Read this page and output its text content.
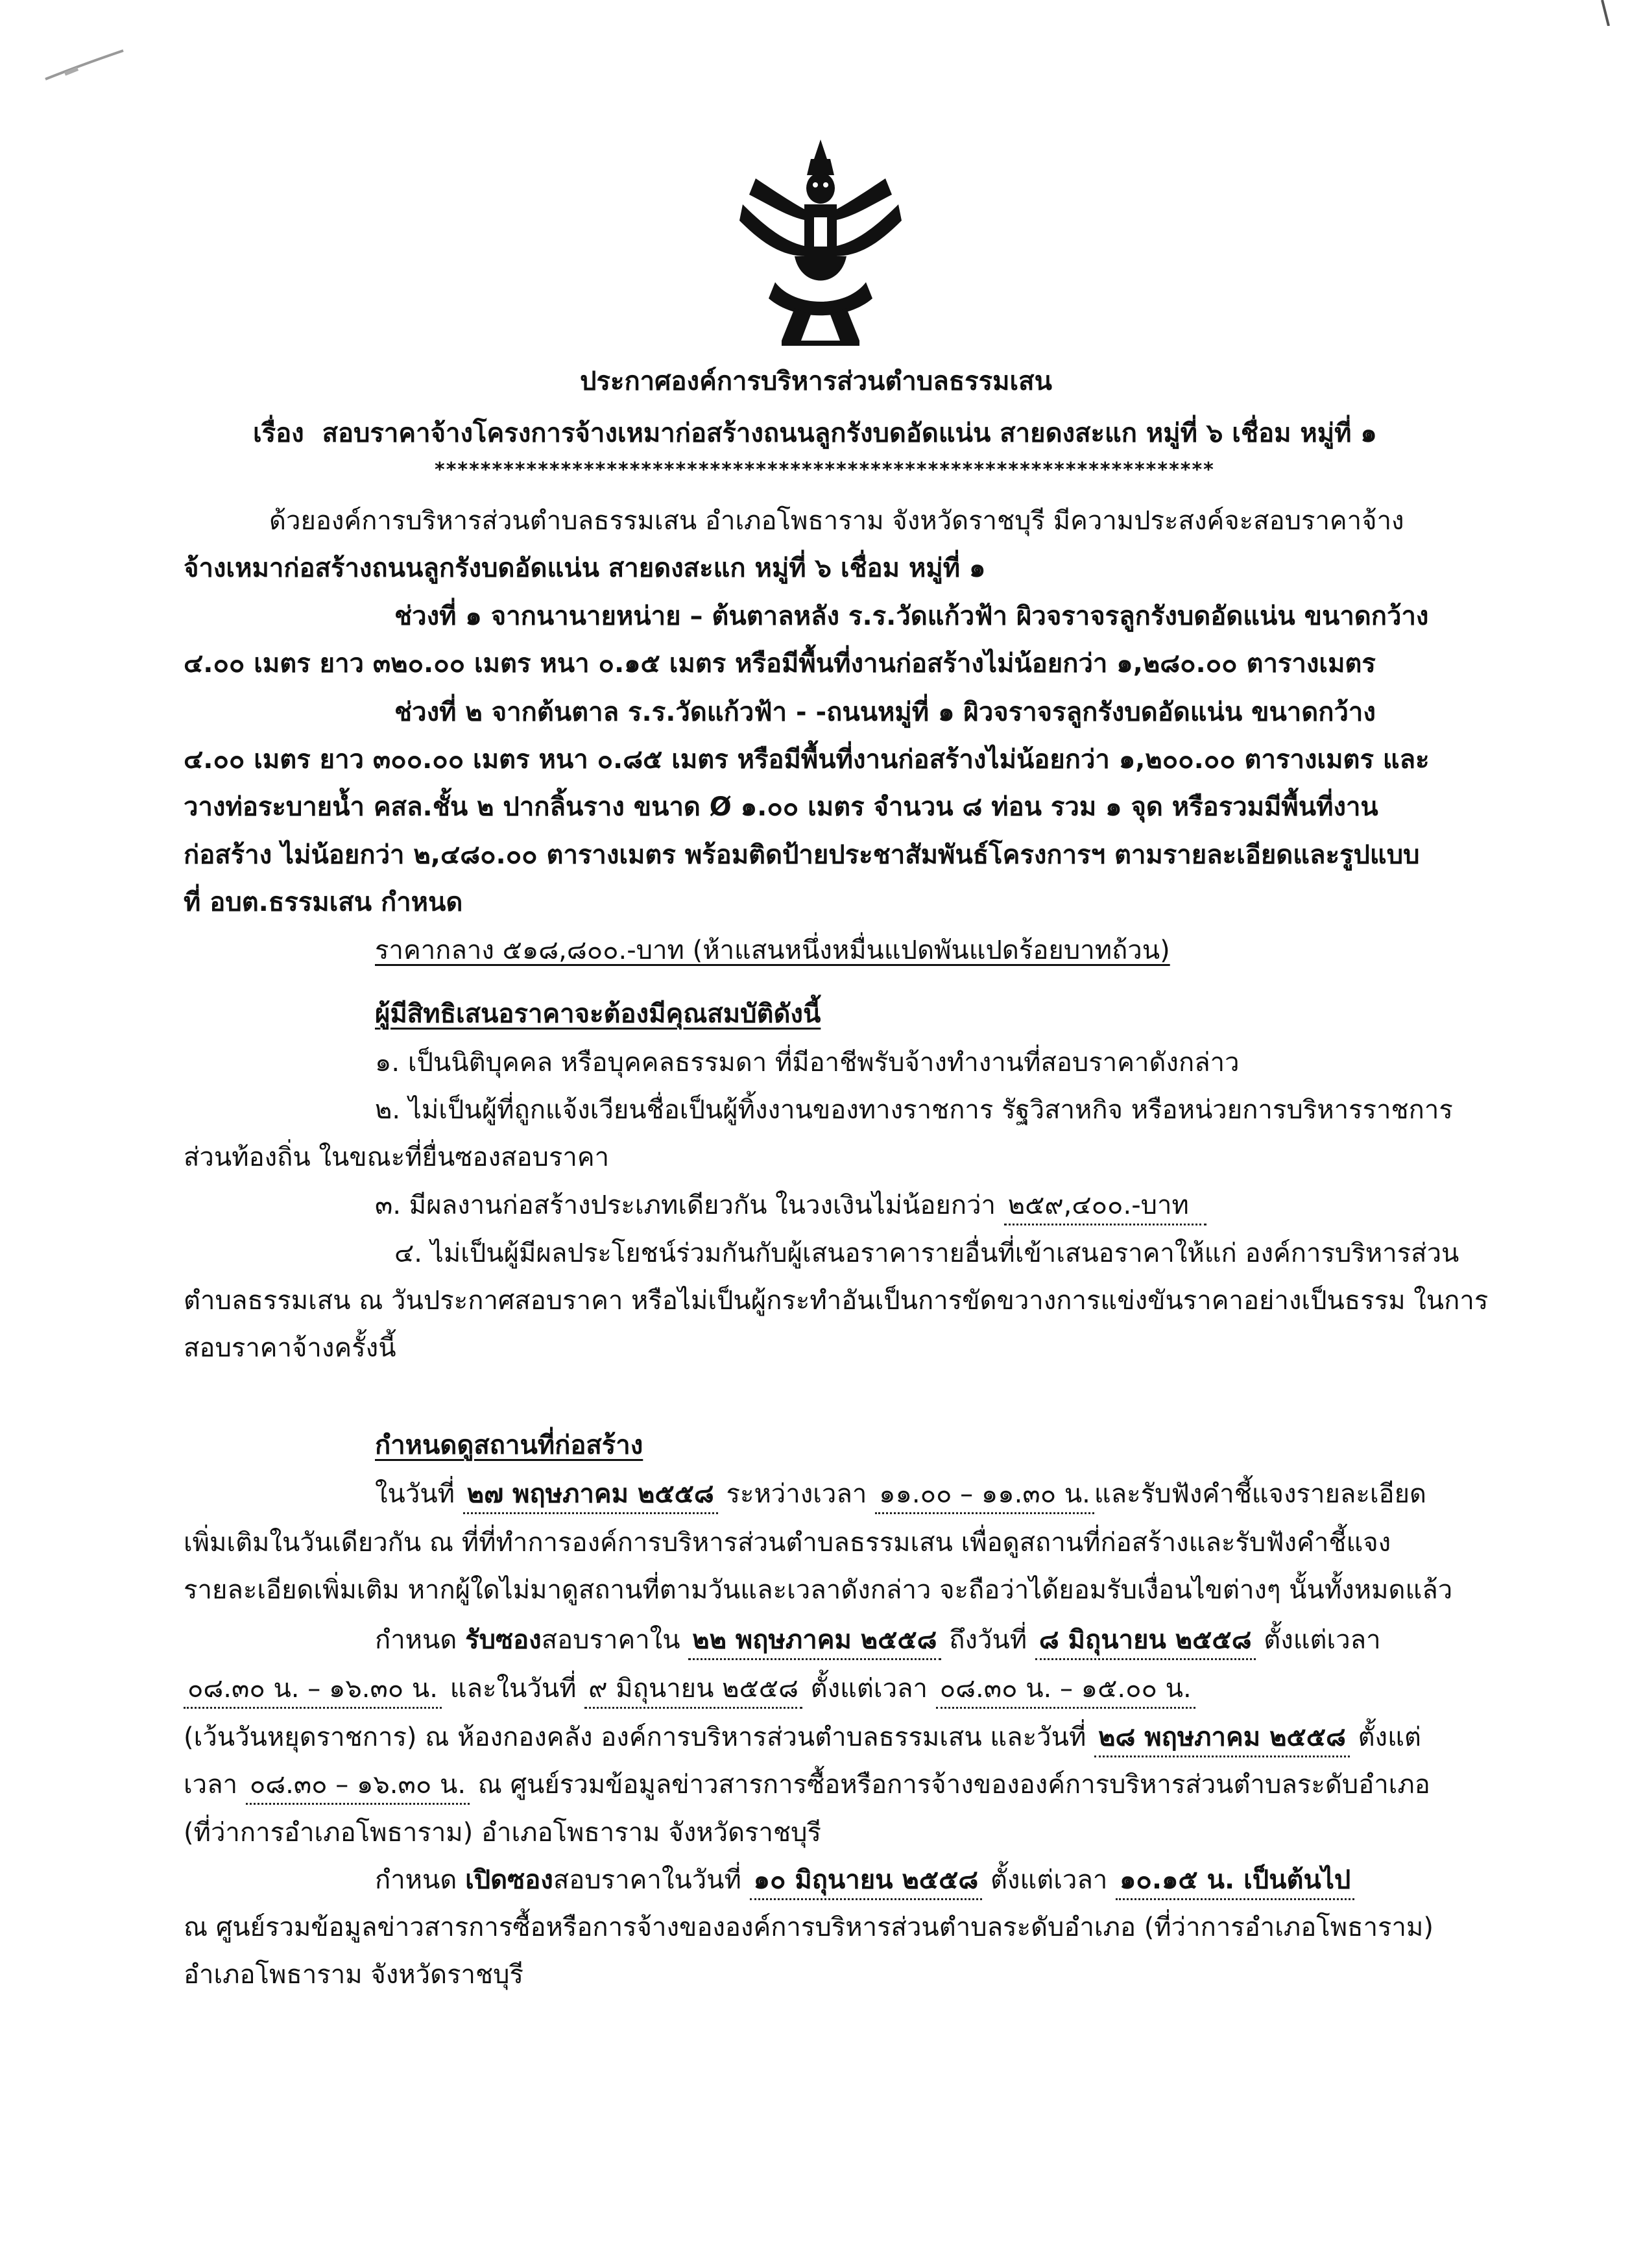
ประกาศองค์การบริหารส่วนตำบลธรรมเสน
เรื่อง สอบราคาจ้างโครงการจ้างเหมาก่อสร้างถนนลูกรังบดอัดแน่น สายดงสะแก หมู่ที่ ๖ เชื่อม หมู่ที่ ๑
********************************************************************
ด้วยองค์การบริหารส่วนตำบลธรรมเสน อำเภอโพธาราม จังหวัดราชบุรี มีความประสงค์จะสอบราคาจ้าง
จ้างเหมาก่อสร้างถนนลูกรังบดอัดแน่น สายดงสะแก หมู่ที่ ๖ เชื่อม หมู่ที่ ๑
ช่วงที่ ๑ จากนานายหน่าย – ต้นตาลหลัง ร.ร.วัดแก้วฟ้า ผิวจราจรลูกรังบดอัดแน่น ขนาดกว้าง
๔.๐๐ เมตร ยาว ๓๒๐.๐๐ เมตร หนา ๐.๑๕ เมตร หรือมีพื้นที่งานก่อสร้างไม่น้อยกว่า ๑,๒๘๐.๐๐ ตารางเมตร
ช่วงที่ ๒ จากต้นตาล ร.ร.วัดแก้วฟ้า - -ถนนหมู่ที่ ๑ ผิวจราจรลูกรังบดอัดแน่น ขนาดกว้าง
๔.๐๐ เมตร ยาว ๓๐๐.๐๐ เมตร หนา ๐.๘๕ เมตร หรือมีพื้นที่งานก่อสร้างไม่น้อยกว่า ๑,๒๐๐.๐๐ ตารางเมตร และ
วางท่อระบายน้ำ คสล.ชั้น ๒ ปากลิ้นราง ขนาด Ø ๑.๐๐ เมตร จำนวน ๘ ท่อน รวม ๑ จุด หรือรวมมีพื้นที่งาน
ก่อสร้าง ไม่น้อยกว่า ๒,๔๘๐.๐๐ ตารางเมตร พร้อมติดป้ายประชาสัมพันธ์โครงการฯ ตามรายละเอียดและรูปแบบ
ที่ อบต.ธรรมเสน กำหนด
ราคากลาง ๕๑๘,๘๐๐.-บาท (ห้าแสนหนึ่งหมื่นแปดพันแปดร้อยบาทถ้วน)
ผู้มีสิทธิเสนอราคาจะต้องมีคุณสมบัติดังนี้
๑. เป็นนิติบุคคล หรือบุคคลธรรมดา ที่มีอาชีพรับจ้างทำงานที่สอบราคาดังกล่าว
๒. ไม่เป็นผู้ที่ถูกแจ้งเวียนชื่อเป็นผู้ทิ้งงานของทางราชการ รัฐวิสาหกิจ หรือหน่วยการบริหารราชการ
ส่วนท้องถิ่น ในขณะที่ยื่นซองสอบราคา
๓. มีผลงานก่อสร้างประเภทเดียวกัน ในวงเงินไม่น้อยกว่า ๒๕๙,๔๐๐.-บาท
๔. ไม่เป็นผู้มีผลประโยชน์ร่วมกันกับผู้เสนอราคารายอื่นที่เข้าเสนอราคาให้แก่ องค์การบริหารส่วน
ตำบลธรรมเสน ณ วันประกาศสอบราคา หรือไม่เป็นผู้กระทำอันเป็นการขัดขวางการแข่งขันราคาอย่างเป็นธรรม ในการ
สอบราคาจ้างครั้งนี้
กำหนดดูสถานที่ก่อสร้าง
ในวันที่ ๒๗ พฤษภาคม ๒๕๕๘ ระหว่างเวลา ๑๑.๐๐ – ๑๑.๓๐ น. และรับฟังคำชี้แจงรายละเอียด
เพิ่มเติมในวันเดียวกัน ณ ที่ที่ทำการองค์การบริหารส่วนตำบลธรรมเสน เพื่อดูสถานที่ก่อสร้างและรับฟังคำชี้แจง
รายละเอียดเพิ่มเติม หากผู้ใดไม่มาดูสถานที่ตามวันและเวลาดังกล่าว จะถือว่าได้ยอมรับเงื่อนไขต่างๆ นั้นทั้งหมดแล้ว
กำหนด รับซองสอบราคาใน ๒๒ พฤษภาคม ๒๕๕๘ ถึงวันที่ ๘ มิถุนายน ๒๕๕๘ ตั้งแต่เวลา
๐๘.๓๐ น. – ๑๖.๓๐ น. และในวันที่ ๙ มิถุนายน ๒๕๕๘ ตั้งแต่เวลา ๐๘.๓๐ น. – ๑๕.๐๐ น.
(เว้นวันหยุดราชการ) ณ ห้องกองคลัง องค์การบริหารส่วนตำบลธรรมเสน และวันที่ ๒๘ พฤษภาคม ๒๕๕๘ ตั้งแต่
เวลา ๐๘.๓๐ – ๑๖.๓๐ น. ณ ศูนย์รวมข้อมูลข่าวสารการซื้อหรือการจ้างขององค์การบริหารส่วนตำบลระดับอำเภอ
(ที่ว่าการอำเภอโพธาราม) อำเภอโพธาราม จังหวัดราชบุรี
กำหนด เปิดซองสอบราคาในวันที่ ๑๐ มิถุนายน ๒๕๕๘ ตั้งแต่เวลา ๑๐.๑๕ น. เป็นต้นไป
ณ ศูนย์รวมข้อมูลข่าวสารการซื้อหรือการจ้างขององค์การบริหารส่วนตำบลระดับอำเภอ (ที่ว่าการอำเภอโพธาราม)
อำเภอโพธาราม จังหวัดราชบุรี
